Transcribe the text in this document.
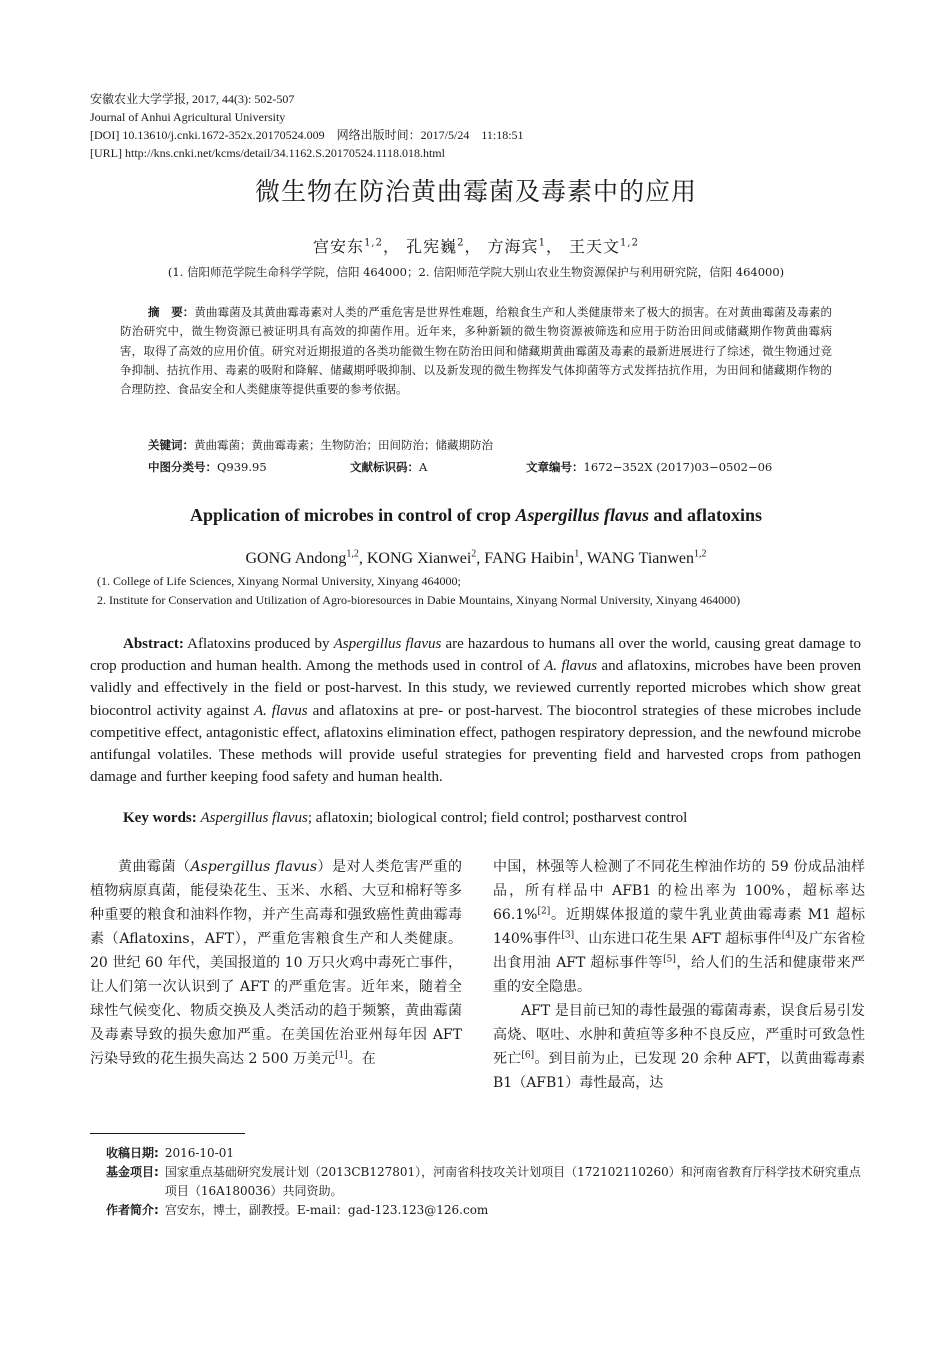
安徽农业大学学报, 2017, 44(3): 502-507
Journal of Anhui Agricultural University
[DOI] 10.13610/j.cnki.1672-352x.20170524.009　网络出版时间：2017/5/24　11:18:51
[URL] http://kns.cnki.net/kcms/detail/34.1162.S.20170524.1118.018.html
微生物在防治黄曲霉菌及毒素中的应用
宫安东$^{1,2}$， 孔宪巍$^2$， 方海宾$^1$， 王天文$^{1,2}$
(1. 信阳师范学院生命科学学院，信阳 464000；2. 信阳师范学院大别山农业生物资源保护与利用研究院，信阳 464000)
摘　要：黄曲霉菌及其黄曲霉毒素对人类的严重危害是世界性难题，给粮食生产和人类健康带来了极大的损害。在对黄曲霉菌及毒素的防治研究中，微生物资源已被证明具有高效的抑菌作用。近年来，多种新颖的微生物资源被筛选和应用于防治田间或储藏期作物黄曲霉病害，取得了高效的应用价值。研究对近期报道的各类功能微生物在防治田间和储藏期黄曲霉菌及毒素的最新进展进行了综述，微生物通过竞争抑制、拮抗作用、毒素的吸附和降解、储藏期呼吸抑制、以及新发现的微生物挥发气体抑菌等方式发挥拮抗作用，为田间和储藏期作物的合理防控、食品安全和人类健康等提供重要的参考依据。
关键词：黄曲霉菌；黄曲霉毒素；生物防治；田间防治；储藏期防治
中图分类号：Q939.95	文献标识码：A	文章编号：1672−352X (2017)03−0502−06
Application of microbes in control of crop Aspergillus flavus and aflatoxins
GONG Andong$^{1,2}$, KONG Xianwei$^2$, FANG Haibin$^1$, WANG Tianwen$^{1,2}$
(1. College of Life Sciences, Xinyang Normal University, Xinyang 464000;
2. Institute for Conservation and Utilization of Agro-bioresources in Dabie Mountains, Xinyang Normal University, Xinyang 464000)
Abstract: Aflatoxins produced by Aspergillus flavus are hazardous to humans all over the world, causing great damage to crop production and human health. Among the methods used in control of A. flavus and aflatoxins, microbes have been proven validly and effectively in the field or post-harvest. In this study, we reviewed currently reported microbes which show great biocontrol activity against A. flavus and aflatoxins at pre- or post-harvest. The biocontrol strategies of these microbes include competitive effect, antagonistic effect, aflatoxins elimination effect, pathogen respiratory depression, and the newfound microbe antifungal volatiles. These methods will provide useful strategies for preventing field and harvested crops from pathogen damage and further keeping food safety and human health.
Key words: Aspergillus flavus; aflatoxin; biological control; field control; postharvest control

黄曲霉菌（Aspergillus flavus）是对人类危害严重的植物病原真菌，能侵染花生、玉米、水稻、大豆和棉籽等多种重要的粮食和油料作物，并产生高毒和强致癌性黄曲霉毒素（Aflatoxins，AFT），严重危害粮食生产和人类健康。20 世纪 60 年代，美国报道的 10 万只火鸡中毒死亡事件，让人们第一次认识到了 AFT 的严重危害。近年来，随着全球性气候变化、物质交换及人类活动的趋于频繁，黄曲霉菌及毒素导致的损失愈加严重。在美国佐治亚州每年因 AFT 污染导致的花生损失高达 2 500 万美元[1]。在

中国，林强等人检测了不同花生榨油作坊的 59 份成品油样品，所有样品中 AFB1 的检出率为 100%，超标率达 66.1%[2]。近期媒体报道的蒙牛乳业黄曲霉毒素 M1 超标 140%事件[3]、山东进口花生果 AFT 超标事件[4]及广东省检出食用油 AFT 超标事件等[5]，给人们的生活和健康带来严重的安全隐患。

AFT 是目前已知的毒性最强的霉菌毒素，误食后易引发高烧、呕吐、水肿和黄疸等多种不良反应，严重时可致急性死亡[6]。到目前为止，已发现 20 余种 AFT，以黄曲霉毒素 B1（AFB1）毒性最高，达

收稿日期: 2016-10-01
基金项目: 国家重点基础研究发展计划（2013CB127801），河南省科技攻关计划项目（172102110260）和河南省教育厅科学技术研究重点项目（16A180036）共同资助。
作者简介: 宫安东，博士，副教授。E-mail：gad-123.123@126.com
